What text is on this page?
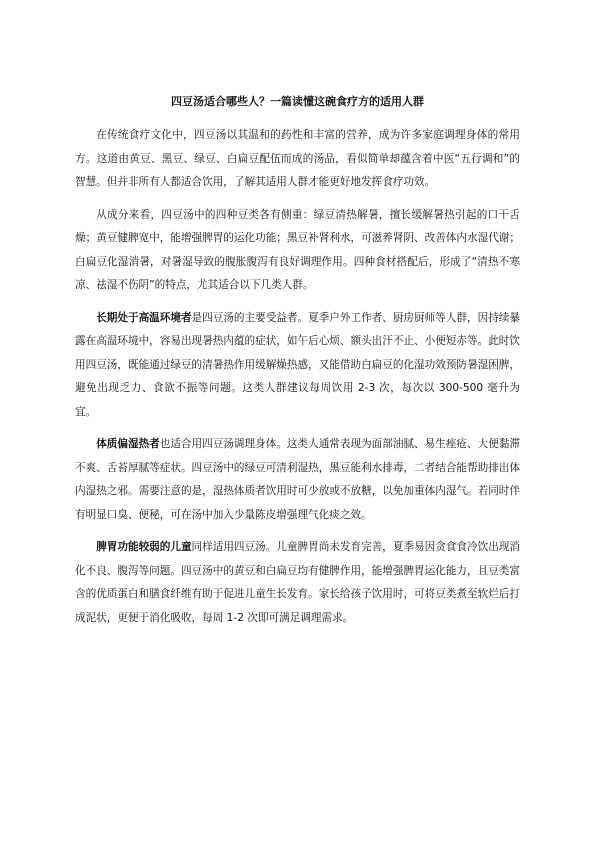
四豆汤适合哪些人？一篇读懂这碗食疗方的适用人群

在传统食疗文化中，四豆汤以其温和的药性和丰富的营养，成为许多家庭调理身体的常用方。这道由黄豆、黑豆、绿豆、白扁豆配伍而成的汤品，看似简单却蕴含着中医“五行调和”的智慧。但并非所有人都适合饮用，了解其适用人群才能更好地发挥食疗功效。

从成分来看，四豆汤中的四种豆类各有侧重：绿豆清热解暑，擅长缓解暑热引起的口干舌燥；黄豆健脾宽中，能增强脾胃的运化功能；黑豆补肾利水，可滋养肾阴、改善体内水湿代谢；白扁豆化湿消暑，对暑湿导致的腹胀腹泻有良好调理作用。四种食材搭配后，形成了“清热不寒凉、祛湿不伤阴”的特点，尤其适合以下几类人群。

长期处于高温环境者是四豆汤的主要受益者。夏季户外工作者、厨房厨师等人群，因持续暴露在高温环境中，容易出现暑热内蕴的症状，如午后心烦、额头出汗不止、小便短赤等。此时饮用四豆汤，既能通过绿豆的清暑热作用缓解燥热感，又能借助白扁豆的化湿功效预防暑湿困脾，避免出现乏力、食欲不振等问题。这类人群建议每周饮用 2-3 次，每次以 300-500 毫升为宜。

体质偏湿热者也适合用四豆汤调理身体。这类人通常表现为面部油腻、易生痤疮、大便黏滞不爽、舌苔厚腻等症状。四豆汤中的绿豆可清利湿热，黑豆能利水排毒，二者结合能帮助排出体内湿热之邪。需要注意的是，湿热体质者饮用时可少放或不放糖，以免加重体内湿气。若同时伴有明显口臭、便秘，可在汤中加入少量陈皮增强理气化痰之效。

脾胃功能较弱的儿童同样适用四豆汤。儿童脾胃尚未发育完善，夏季易因贪食食冷饮出现消化不良、腹泻等问题。四豆汤中的黄豆和白扁豆均有健脾作用，能增强脾胃运化能力，且豆类富含的优质蛋白和膳食纤维有助于促进儿童生长发育。家长给孩子饮用时，可将豆类煮至软烂后打成泥状，更便于消化吸收，每周 1-2 次即可满足调理需求。
